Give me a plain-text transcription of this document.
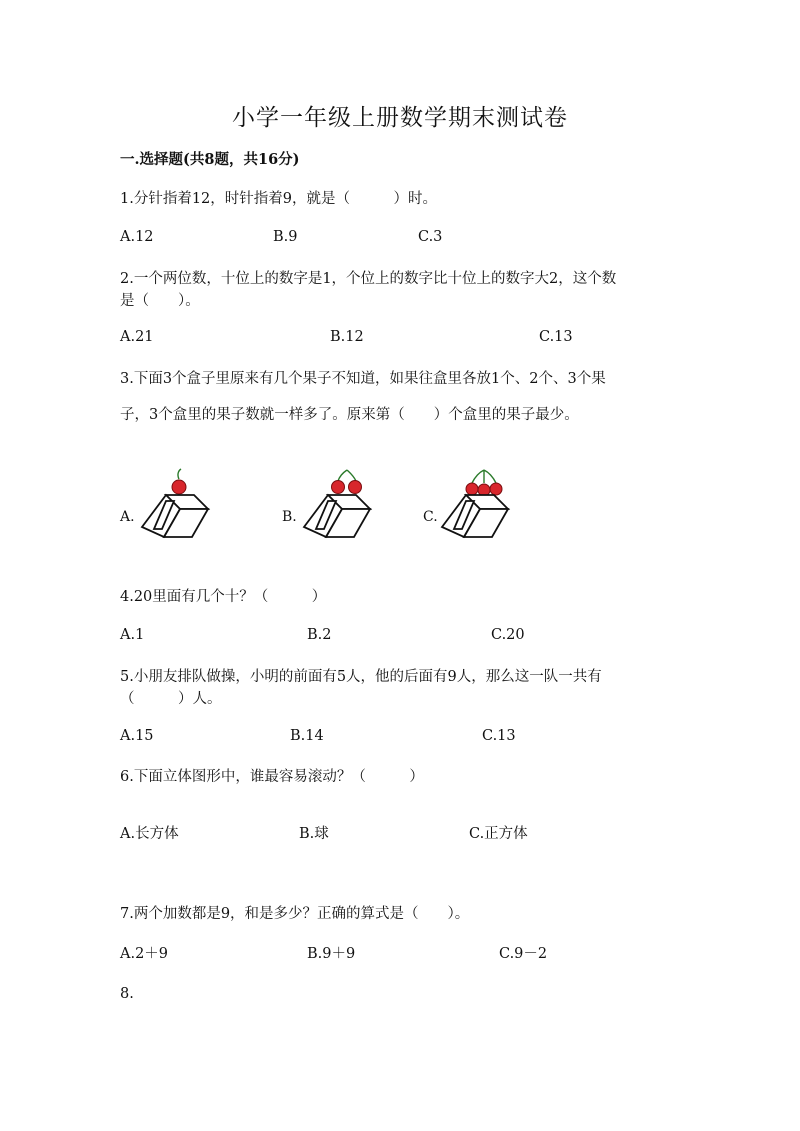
小学一年级上册数学期末测试卷
一.选择题(共8题，共16分)
1.分针指着12，时针指着9，就是（　　　）时。
A.12	B.9	C.3
2.一个两位数，十位上的数字是1，个位上的数字比十位上的数字大2，这个数
是（　　）。
A.21	B.12	C.13
3.下面3个盒子里原来有几个果子不知道，如果往盒里各放1个、2个、3个果
子，3个盒里的果子数就一样多了。原来第（　　）个盒里的果子最少。
A.	B.	C.
4.20里面有几个十？（　　　）
A.1	B.2	C.20
5.小朋友排队做操，小明的前面有5人，他的后面有9人，那么这一队一共有
（　　　）人。
A.15	B.14	C.13
6.下面立体图形中，谁最容易滚动？（　　　）
A.长方体	B.球	C.正方体
7.两个加数都是9，和是多少？正确的算式是（　　）。
A.2＋9	B.9＋9	C.9－2
8.
